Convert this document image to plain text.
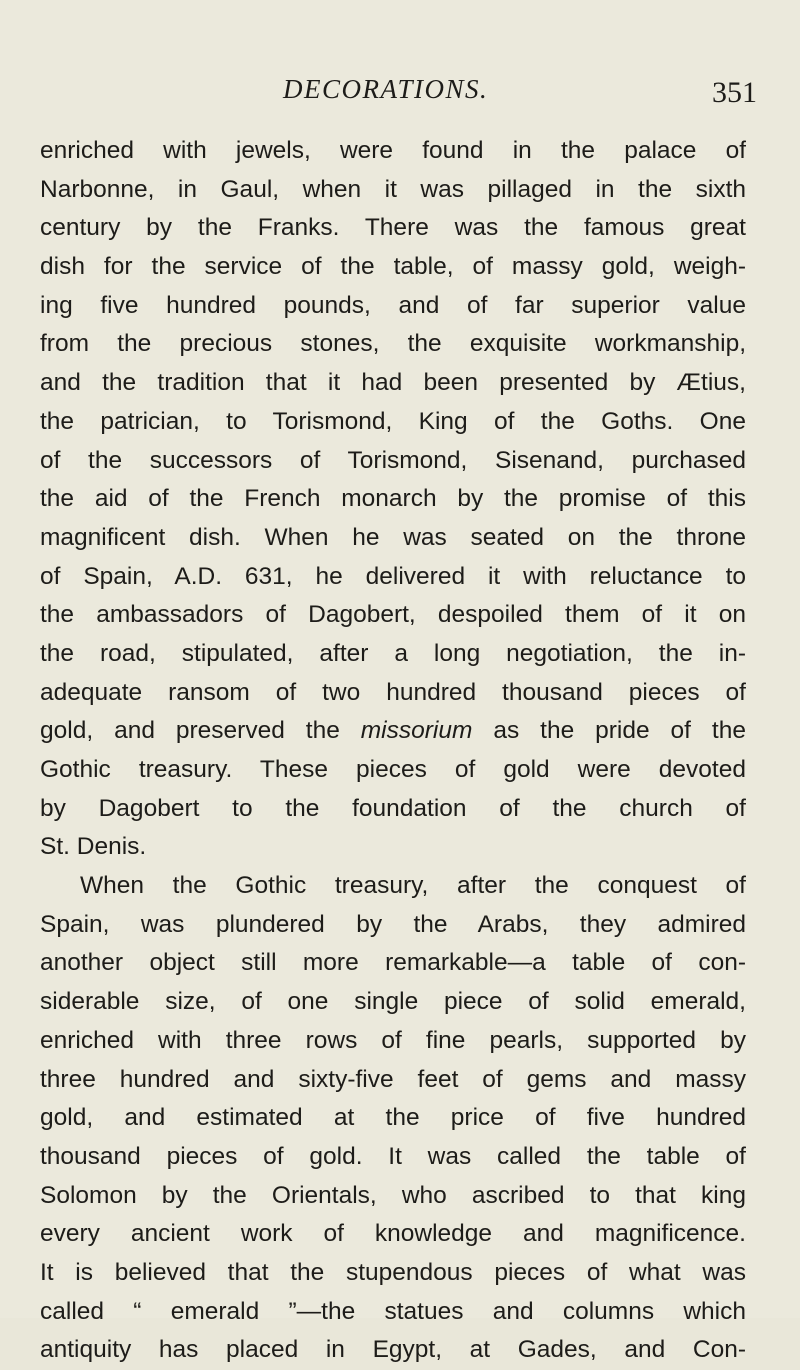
DECORATIONS.	351
enriched with jewels, were found in the palace of
Narbonne, in Gaul, when it was pillaged in the sixth
century by the Franks. There was the famous great
dish for the service of the table, of massy gold, weigh-
ing five hundred pounds, and of far superior value
from the precious stones, the exquisite workmanship,
and the tradition that it had been presented by Ætius,
the patrician, to Torismond, King of the Goths. One
of the successors of Torismond, Sisenand, purchased
the aid of the French monarch by the promise of this
magnificent dish. When he was seated on the throne
of Spain, A.D. 631, he delivered it with reluctance to
the ambassadors of Dagobert, despoiled them of it on
the road, stipulated, after a long negotiation, the in-
adequate ransom of two hundred thousand pieces of
gold, and preserved the missorium as the pride of the
Gothic treasury. These pieces of gold were devoted
by Dagobert to the foundation of the church of
St. Denis.
When the Gothic treasury, after the conquest of
Spain, was plundered by the Arabs, they admired
another object still more remarkable—a table of con-
siderable size, of one single piece of solid emerald,
enriched with three rows of fine pearls, supported by
three hundred and sixty-five feet of gems and massy
gold, and estimated at the price of five hundred
thousand pieces of gold. It was called the table of
Solomon by the Orientals, who ascribed to that king
every ancient work of knowledge and magnificence.
It is believed that the stupendous pieces of what was
called “ emerald ”—the statues and columns which
antiquity has placed in Egypt, at Gades, and Con-
